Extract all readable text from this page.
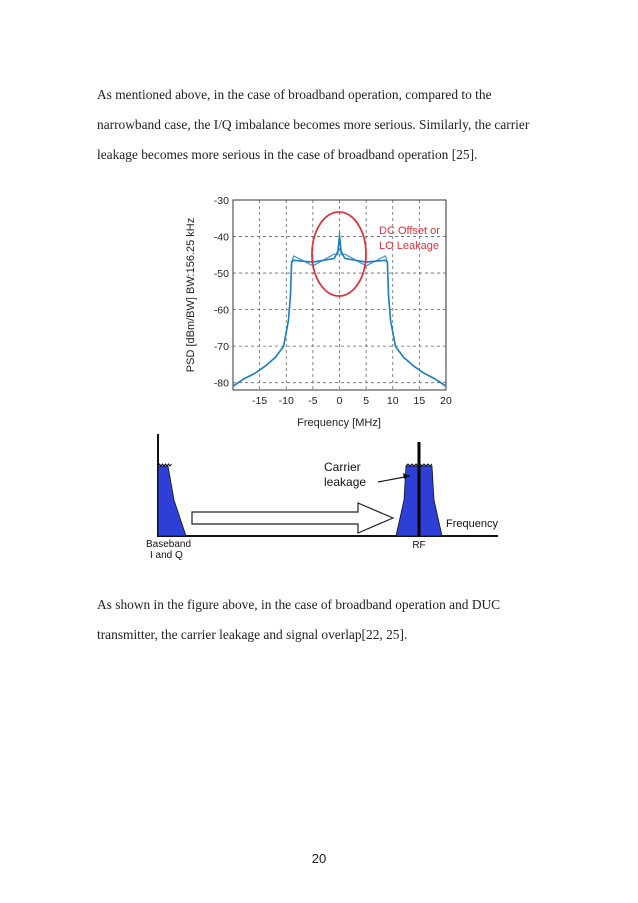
As mentioned above, in the case of broadband operation, compared to the
narrowband case, the I/Q imbalance becomes more serious. Similarly, the carrier
leakage becomes more serious in the case of broadband operation [25].

-30
-40
-50
-60
-70
-80
-15 -10 -5 0 5 10 15 20
DC Offset or
LO Leakage
Frequency [MHz]
PSD [dBm/BW] BW:156.25 kHz
Carrier
leakage
Frequency
Baseband
I and Q
RF

As shown in the figure above, in the case of broadband operation and DUC
transmitter, the carrier leakage and signal overlap[22, 25].

20
